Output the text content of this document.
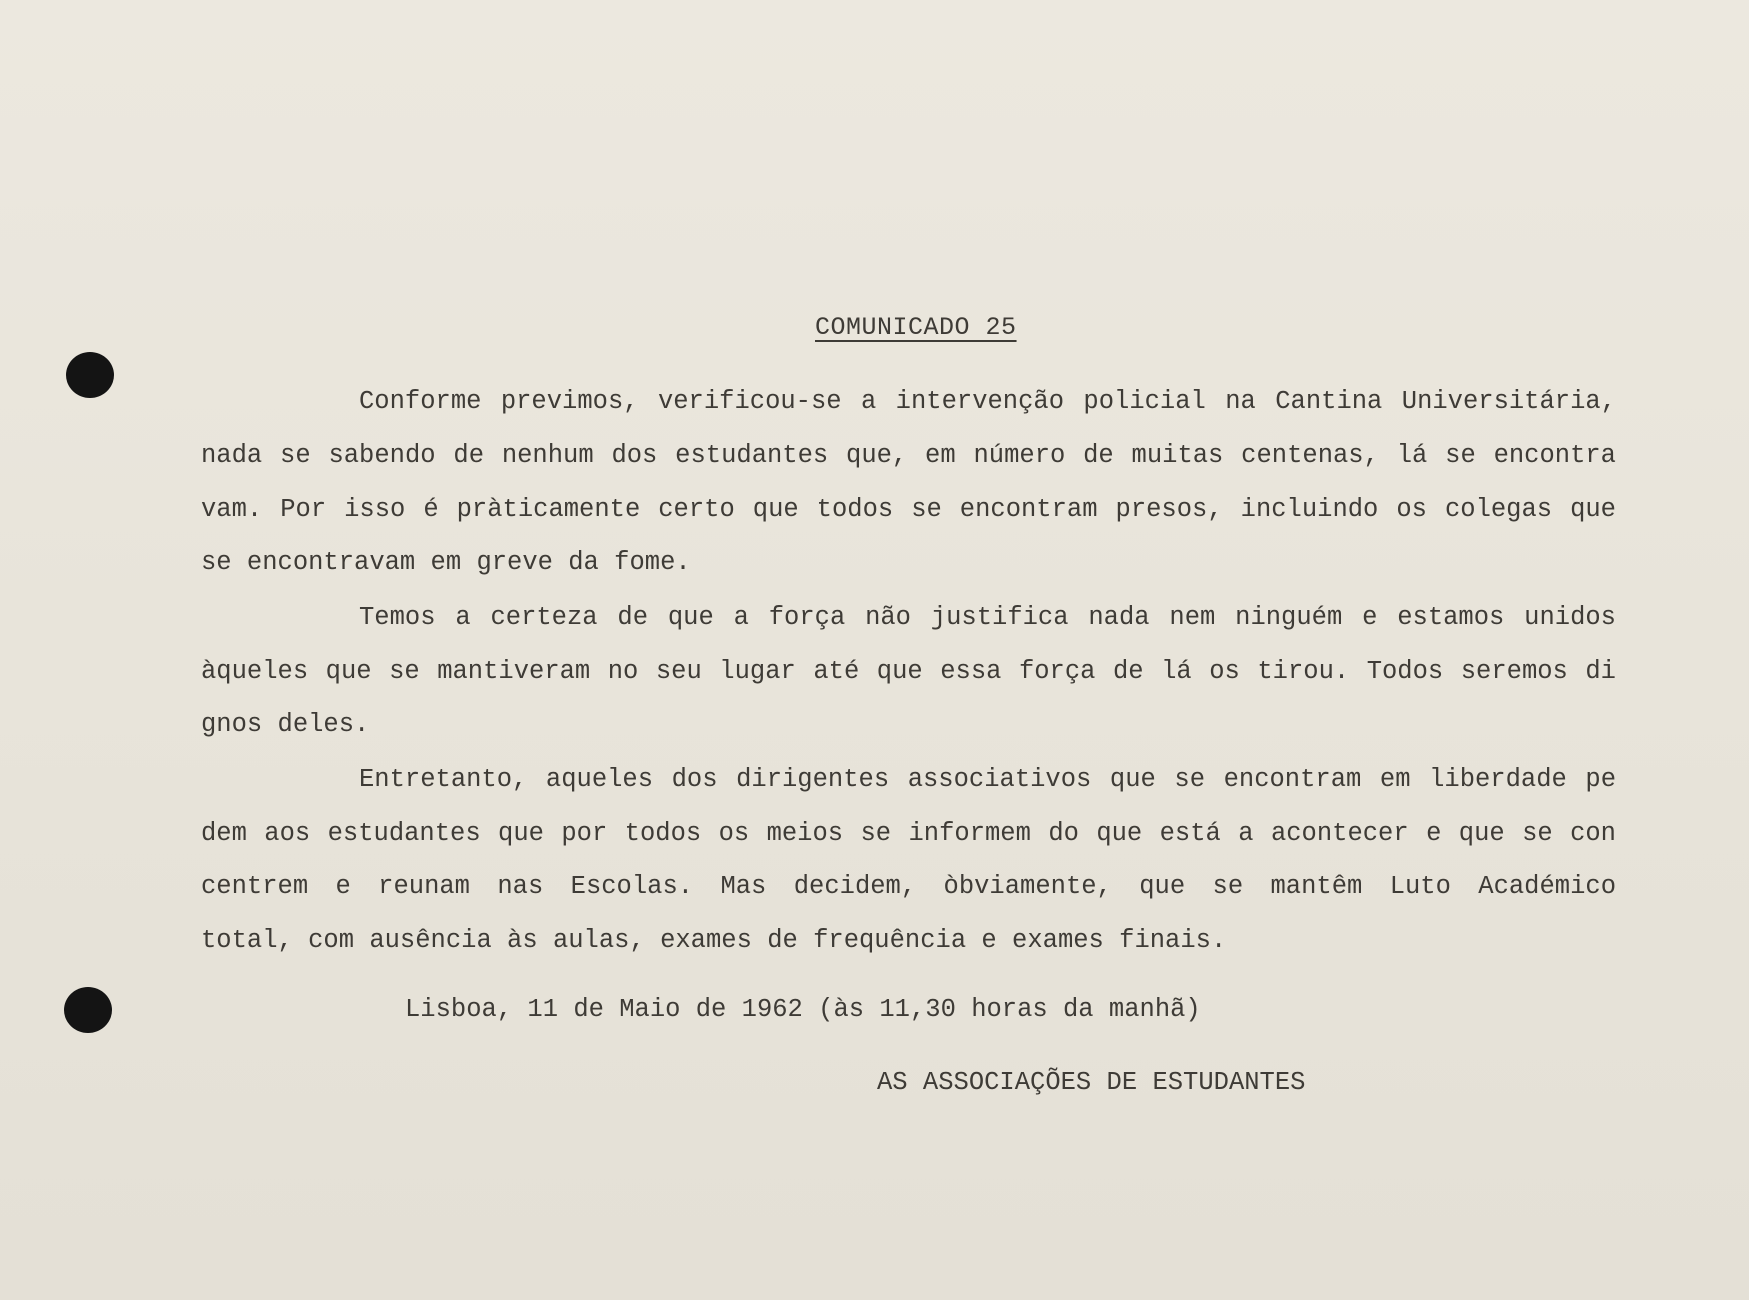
COMUNICADO 25
Conforme previmos, verificou-se a intervenção policial na Cantina Universitária,
nada se sabendo de nenhum dos estudantes que, em número de muitas centenas, lá se encontra
vam. Por isso é pràticamente certo que todos se encontram presos, incluindo os colegas que
se encontravam em greve da fome.
Temos a certeza de que a força não justifica nada nem ninguém e estamos unidos
àqueles que se mantiveram no seu lugar até que essa força de lá os tirou. Todos seremos di
gnos deles.
Entretanto, aqueles dos dirigentes associativos que se encontram em liberdade pe
dem aos estudantes que por todos os meios se informem do que está a acontecer e que se con
centrem e reunam nas Escolas. Mas decidem, òbviamente, que se mantêm Luto Académico
total, com ausência às aulas, exames de frequência e exames finais.
Lisboa, 11 de Maio de 1962 (às 11,30 horas da manhã)
AS ASSOCIAÇÕES DE ESTUDANTES
